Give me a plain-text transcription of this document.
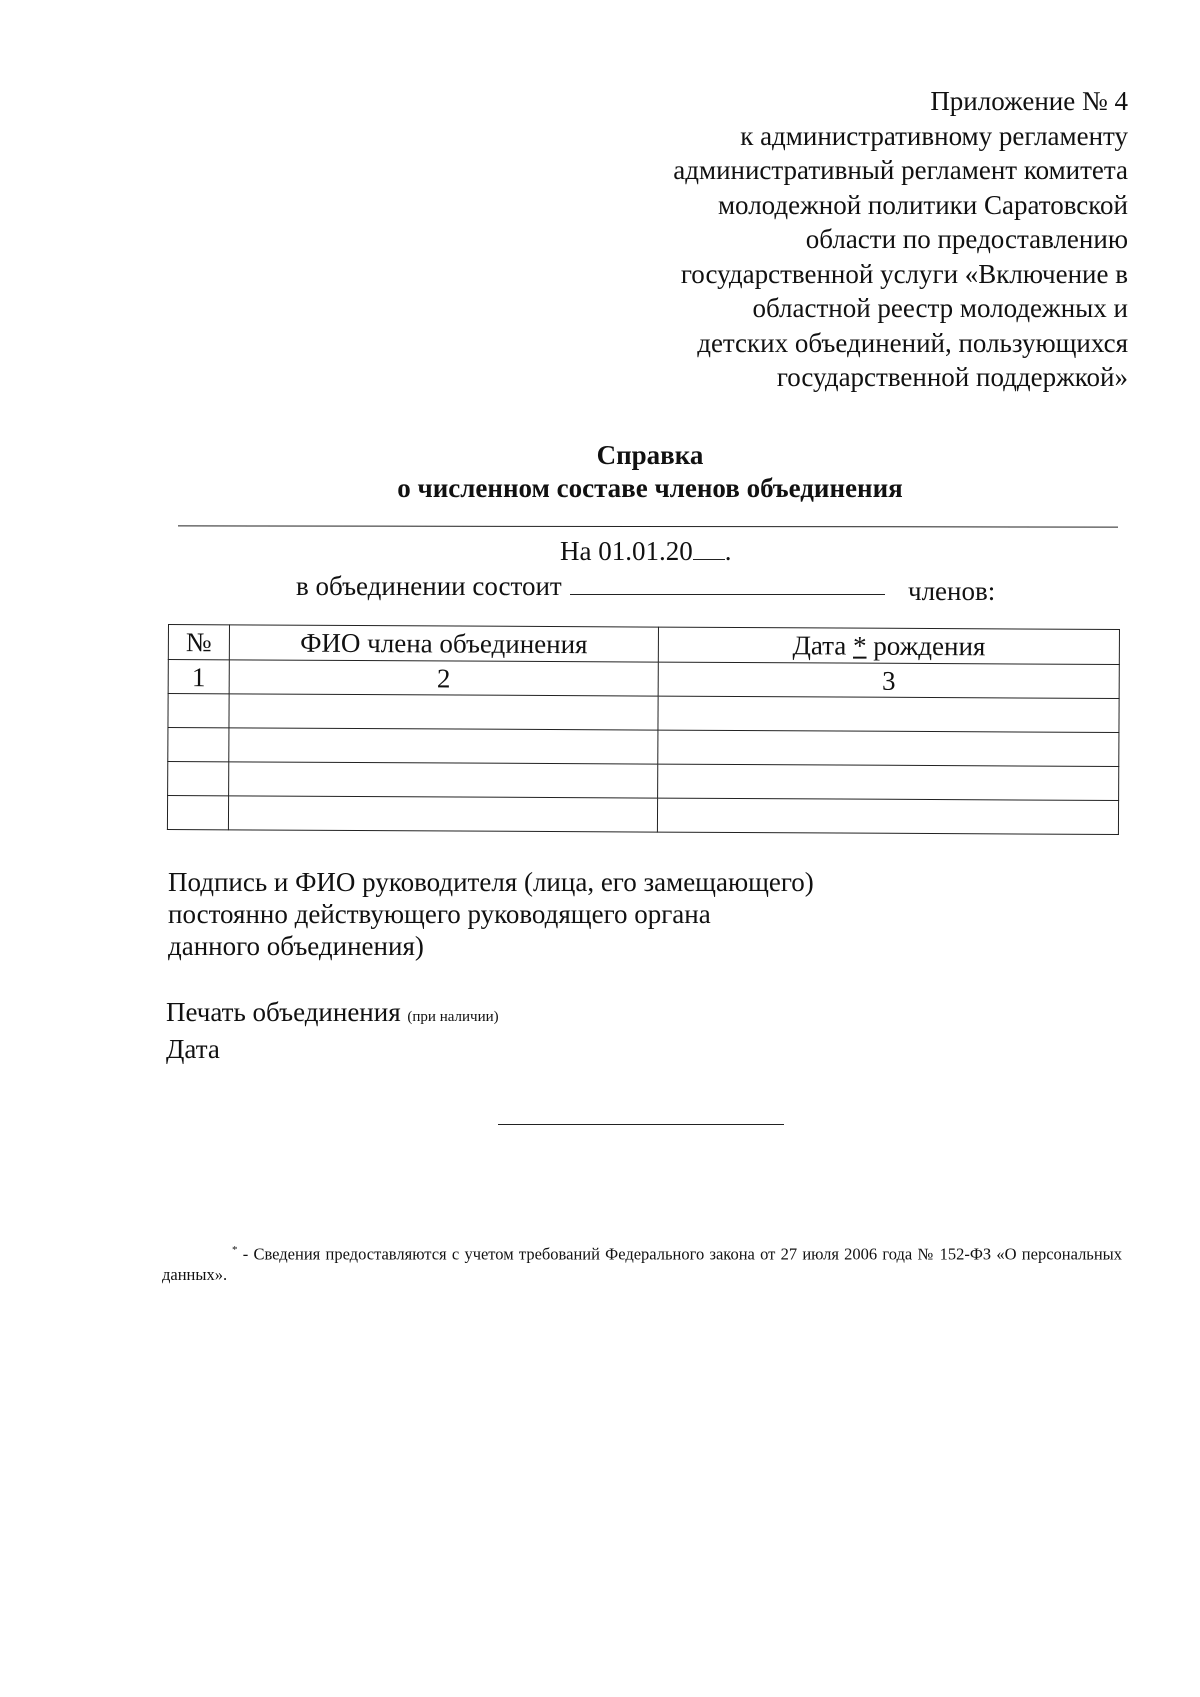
Приложение № 4
к административному регламенту
административный регламент комитета
молодежной политики Саратовской
области по предоставлению
государственной услуги «Включение в
областной реестр молодежных и
детских объединений, пользующихся
государственной поддержкой»
Справка
о численном составе членов объединения
На 01.01.20 .
в объединении состоит	членов:
№	ФИО члена объединения	Дата * рождения
1	2	3

Подпись и ФИО руководителя (лица, его замещающего)
постоянно действующего руководящего органа
данного объединения)
Печать объединения (при наличии)
Дата
* - Сведения предоставляются с учетом требований Федерального закона от 27 июля 2006 года № 152-ФЗ «О персональных данных».
